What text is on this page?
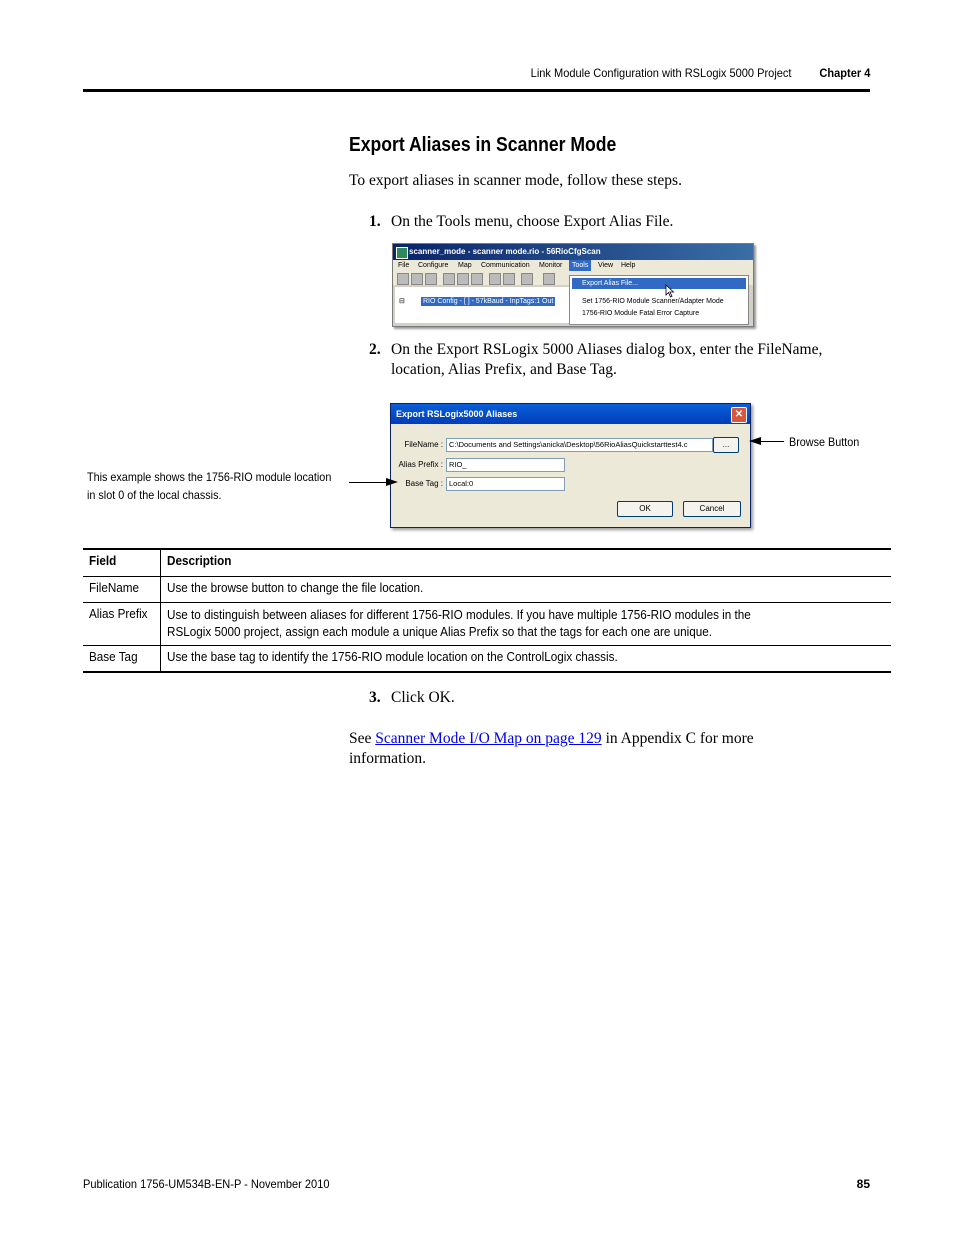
Link Module Configuration with RSLogix 5000 Project Chapter 4
Export Aliases in Scanner Mode
To export aliases in scanner mode, follow these steps.
1. On the Tools menu, choose Export Alias File.
scanner_mode - scanner mode.rio - 56RioCfgScan
File Configure Map Communication Monitor	Tools	View Help
⊟	RIO Config - [ ] - 57kBaud - InpTags:1 Out
Export Alias File...
Set 1756-RIO Module Scanner/Adapter Mode
1756-RIO Module Fatal Error Capture
2. On the Export RSLogix 5000 Aliases dialog box, enter the FileName,
location, Alias Prefix, and Base Tag.
Export RSLogix5000 Aliases	✕
FileName : C:\Documents and Settings\anicka\Desktop\56RioAliasQuickstarttest4.c	...
Alias Prefix : RIO_
Base Tag : Local:0
OK	Cancel
Browse Button
This example shows the 1756-RIO module location
in slot 0 of the local chassis.
Field	Description
FileName	Use the browse button to change the file location.
Alias Prefix	Use to distinguish between aliases for different 1756-RIO modules. If you have multiple 1756-RIO modules in the
RSLogix 5000 project, assign each module a unique Alias Prefix so that the tags for each one are unique.

Base Tag	Use the base tag to identify the 1756-RIO module location on the ControlLogix chassis.
3. Click OK.
See Scanner Mode I/O Map on page 129 in Appendix C for more
information.
Publication 1756-UM534B-EN-P - November 2010	85
